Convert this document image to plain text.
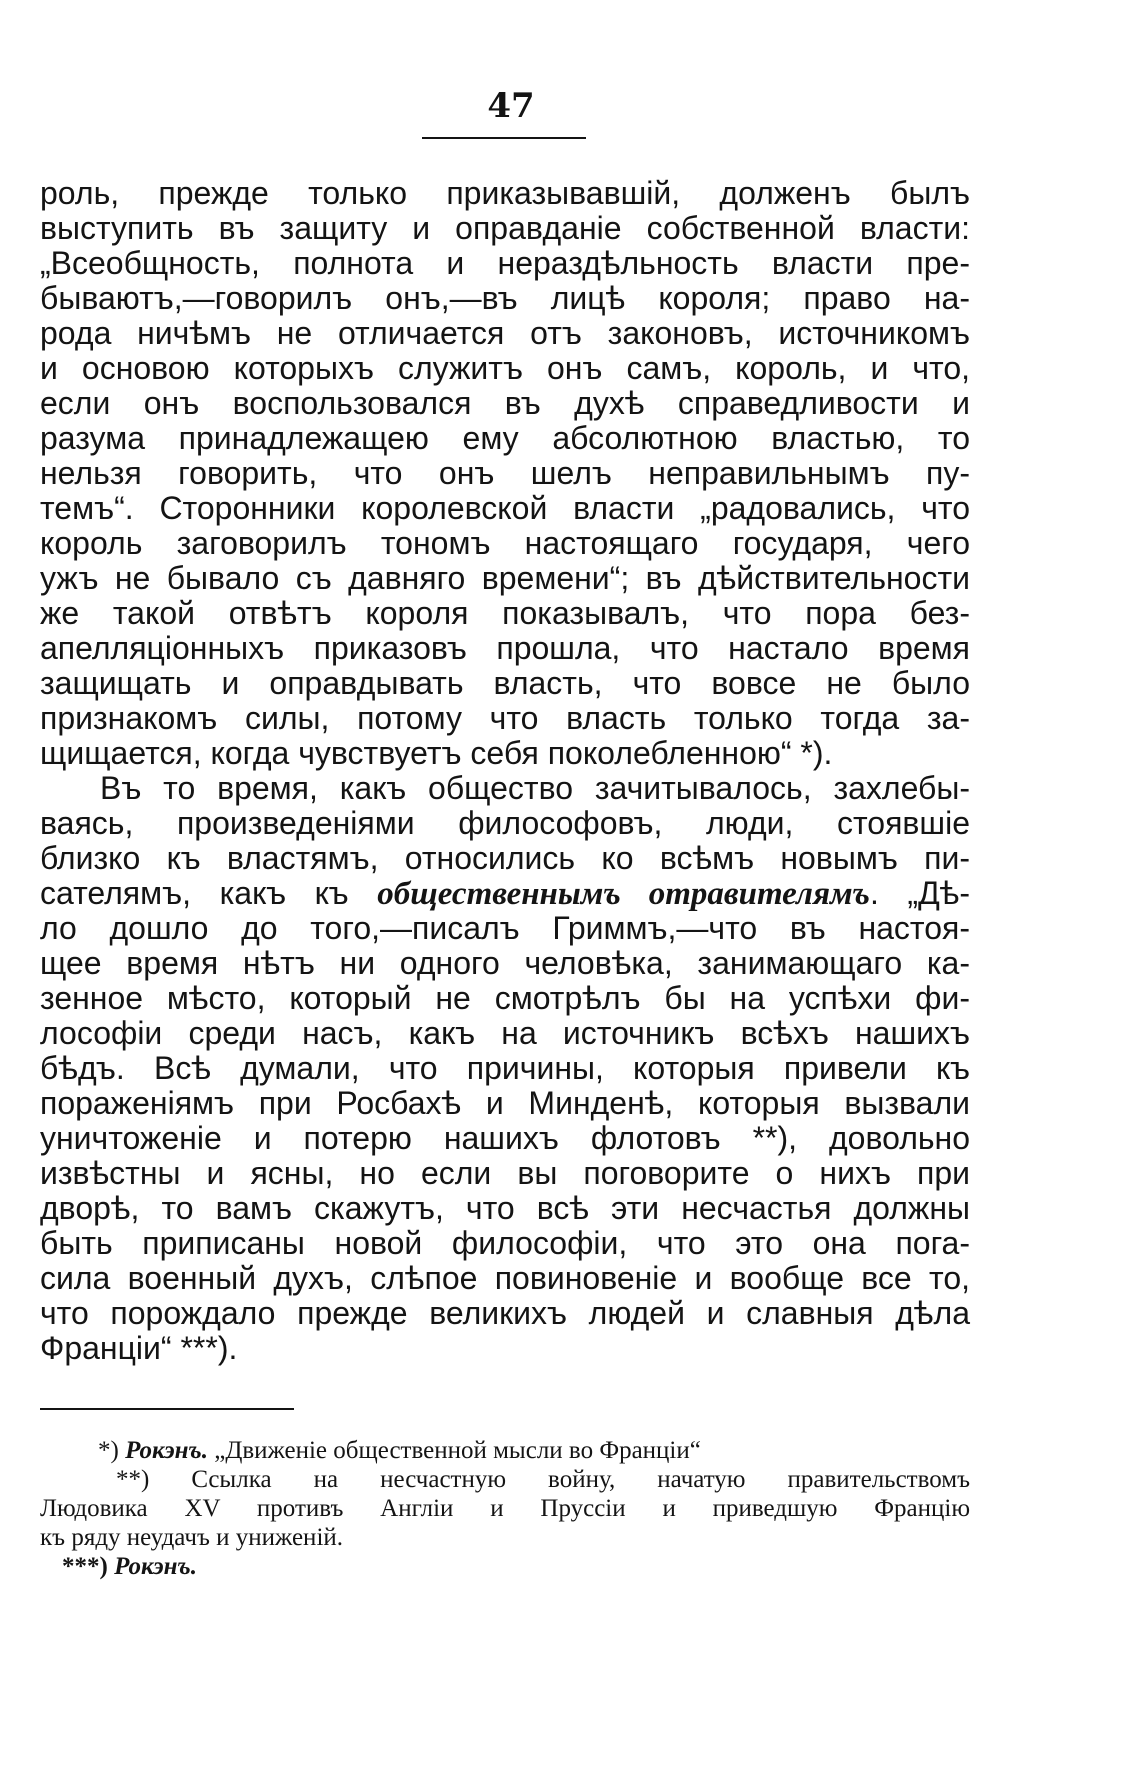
47
роль, прежде только приказывавшій, долженъ былъ
выступить въ защиту и оправданіе собственной власти:
„Всеобщность, полнота и нераздѣльность власти пре-
бываютъ,—говорилъ онъ,—въ лицѣ короля; право на-
рода ничѣмъ не отличается отъ законовъ, источникомъ
и основою которыхъ служитъ онъ самъ, король, и что,
если онъ воспользовался въ духѣ справедливости и
разума принадлежащею ему абсолютною властью, то
нельзя говорить, что онъ шелъ неправильнымъ пу-
темъ“. Сторонники королевской власти „радовались, что
король заговорилъ тономъ настоящаго государя, чего
ужъ не бывало съ давняго времени“; въ дѣйствительности
же такой отвѣтъ короля показывалъ, что пора без-
апелляціонныхъ приказовъ прошла, что настало время
защищать и оправдывать власть, что вовсе не было
признакомъ силы, потому что власть только тогда за-
щищается, когда чувствуетъ себя поколебленною“ *).
Въ то время, какъ общество зачитывалось, захлебы-
ваясь, произведеніями философовъ, люди, стоявшіе
близко къ властямъ, относились ко всѣмъ новымъ пи-
сателямъ, какъ къ общественнымъ отравителямъ. „Дѣ-
ло дошло до того,—писалъ Гриммъ,—что въ настоя-
щее время нѣтъ ни одного человѣка, занимающаго ка-
зенное мѣсто, который не смотрѣлъ бы на успѣхи фи-
лософіи среди насъ, какъ на источникъ всѣхъ нашихъ
бѣдъ. Всѣ думали, что причины, которыя привели къ
пораженіямъ при Росбахѣ и Минденѣ, которыя вызвали
уничтоженіе и потерю нашихъ флотовъ **), довольно
извѣстны и ясны, но если вы поговорите о нихъ при
дворѣ, то вамъ скажутъ, что всѣ эти несчастья должны
быть приписаны новой философіи, что это она пога-
сила военный духъ, слѣпое повиновеніе и вообще все то,
что порождало прежде великихъ людей и славныя дѣла
Франціи“ ***).
*) Рокэнъ. „Движеніе общественной мысли во Франціи“
**) Ссылка на несчастную войну, начатую правительствомъ
Людовика XV противъ Англіи и Пруссіи и приведшую Францію
къ ряду неудачъ и униженій.
***) Рокэнъ.
